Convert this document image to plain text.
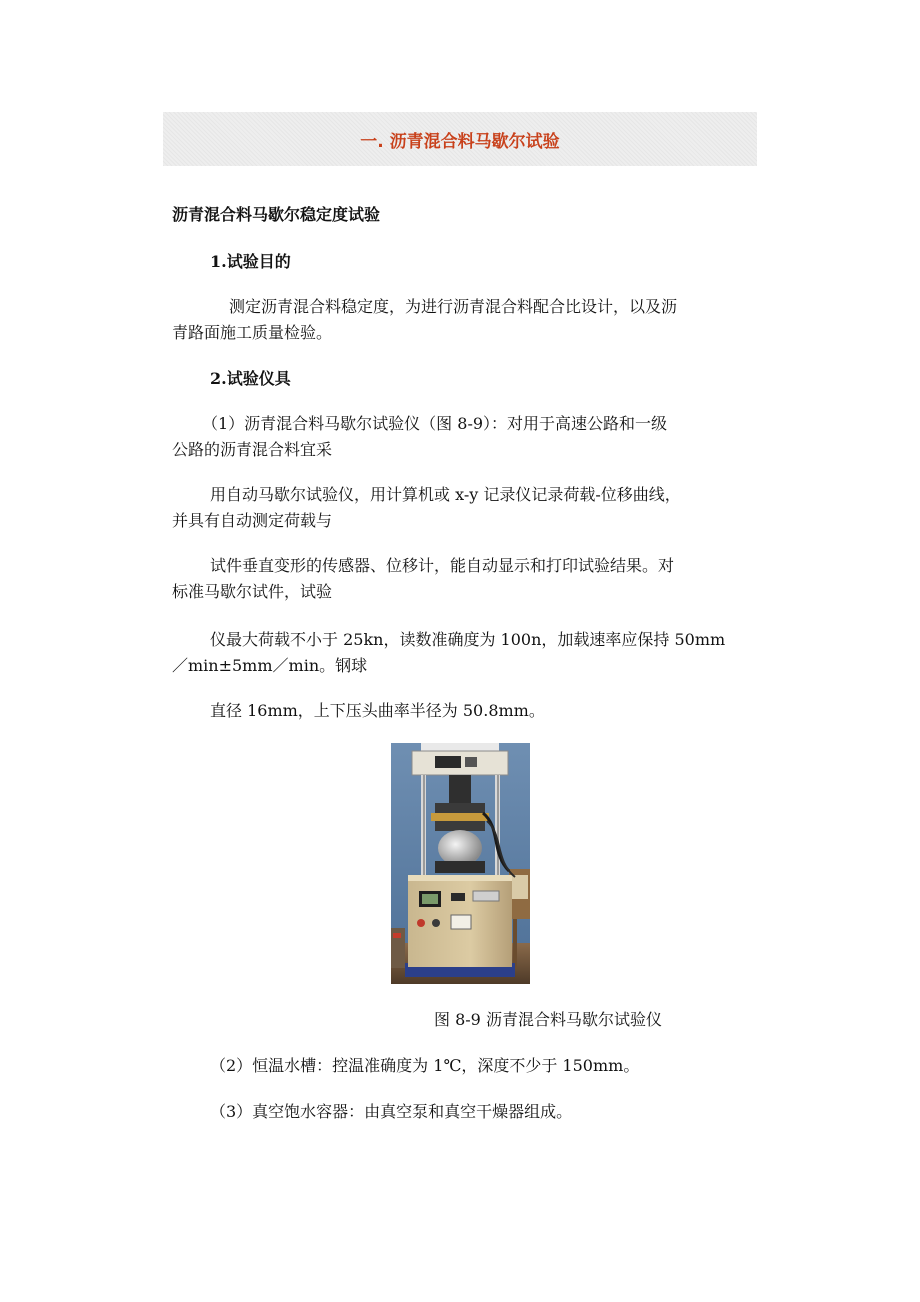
一. 沥青混合料马歇尔试验
沥青混合料马歇尔稳定度试验
1.试验目的
测定沥青混合料稳定度，为进行沥青混合料配合比设计，以及沥
青路面施工质量检验。
2.试验仪具
（1）沥青混合料马歇尔试验仪（图 8-9）：对用于高速公路和一级
公路的沥青混合料宜采
用自动马歇尔试验仪，用计算机或 x-y 记录仪记录荷载-位移曲线，
并具有自动测定荷载与
试件垂直变形的传感器、位移计，能自动显示和打印试验结果。对
标准马歇尔试件，试验
仪最大荷载不小于 25kn，读数准确度为 100n，加载速率应保持 50mm
／min±5mm／min。钢球
直径 16mm，上下压头曲率半径为 50.8mm。
图 8-9 沥青混合料马歇尔试验仪
（2）恒温水槽：控温准确度为 1℃，深度不少于 150mm。
（3）真空饱水容器：由真空泵和真空干燥器组成。
